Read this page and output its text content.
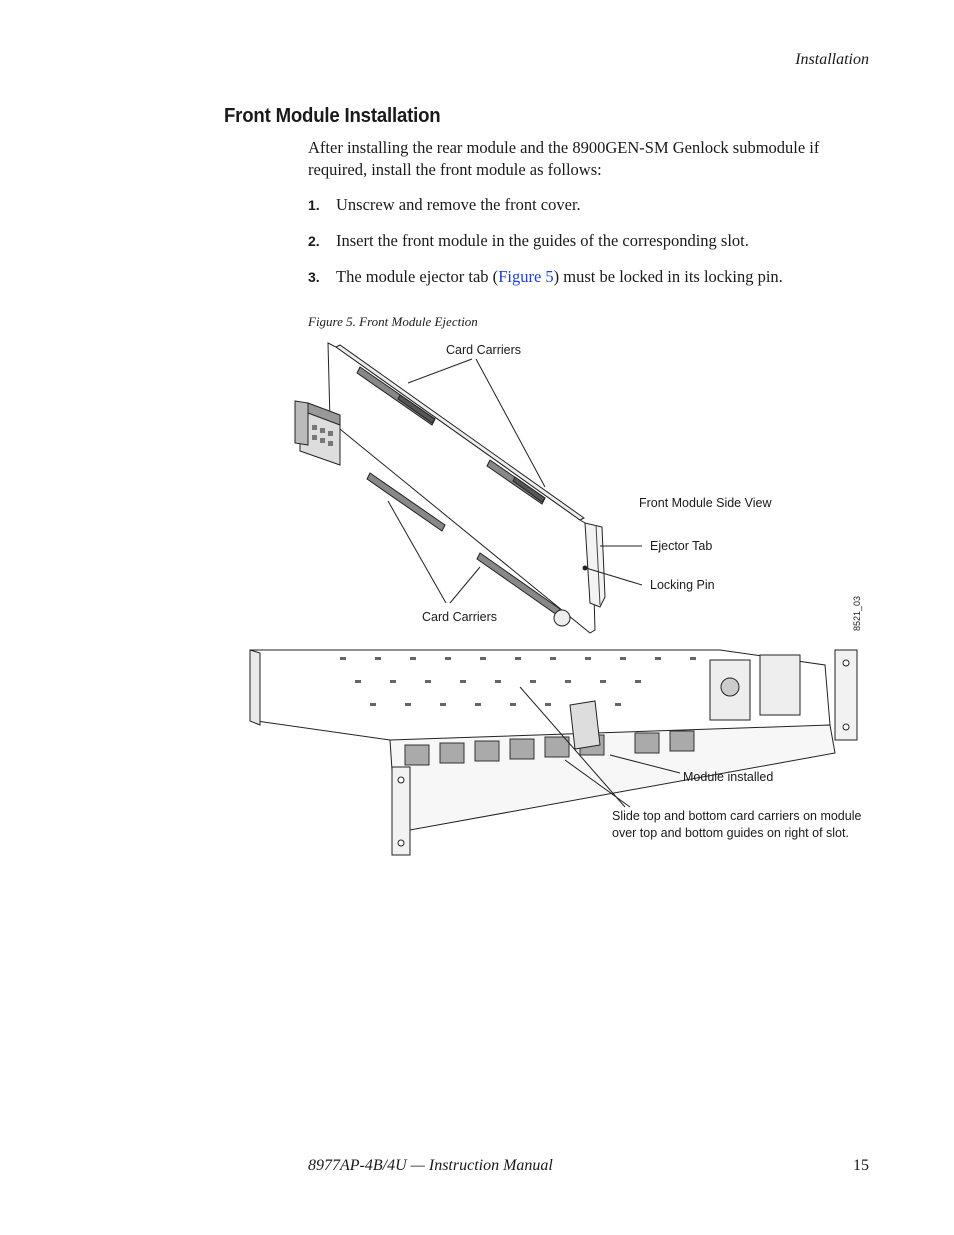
Installation
Front Module Installation
After installing the rear module and the 8900GEN-SM Genlock submodule if required, install the front module as follows:
1. Unscrew and remove the front cover.
2. Insert the front module in the guides of the corresponding slot.
3. The module ejector tab (Figure 5) must be locked in its locking pin.
Figure 5. Front Module Ejection
Card Carriers
Front Module Side View
Ejector Tab
Locking Pin
Card Carriers	8521_03
Module installed
Slide top and bottom card carriers on module
over top and bottom guides on right of slot.
8977AP-4B/4U — Instruction Manual	15
